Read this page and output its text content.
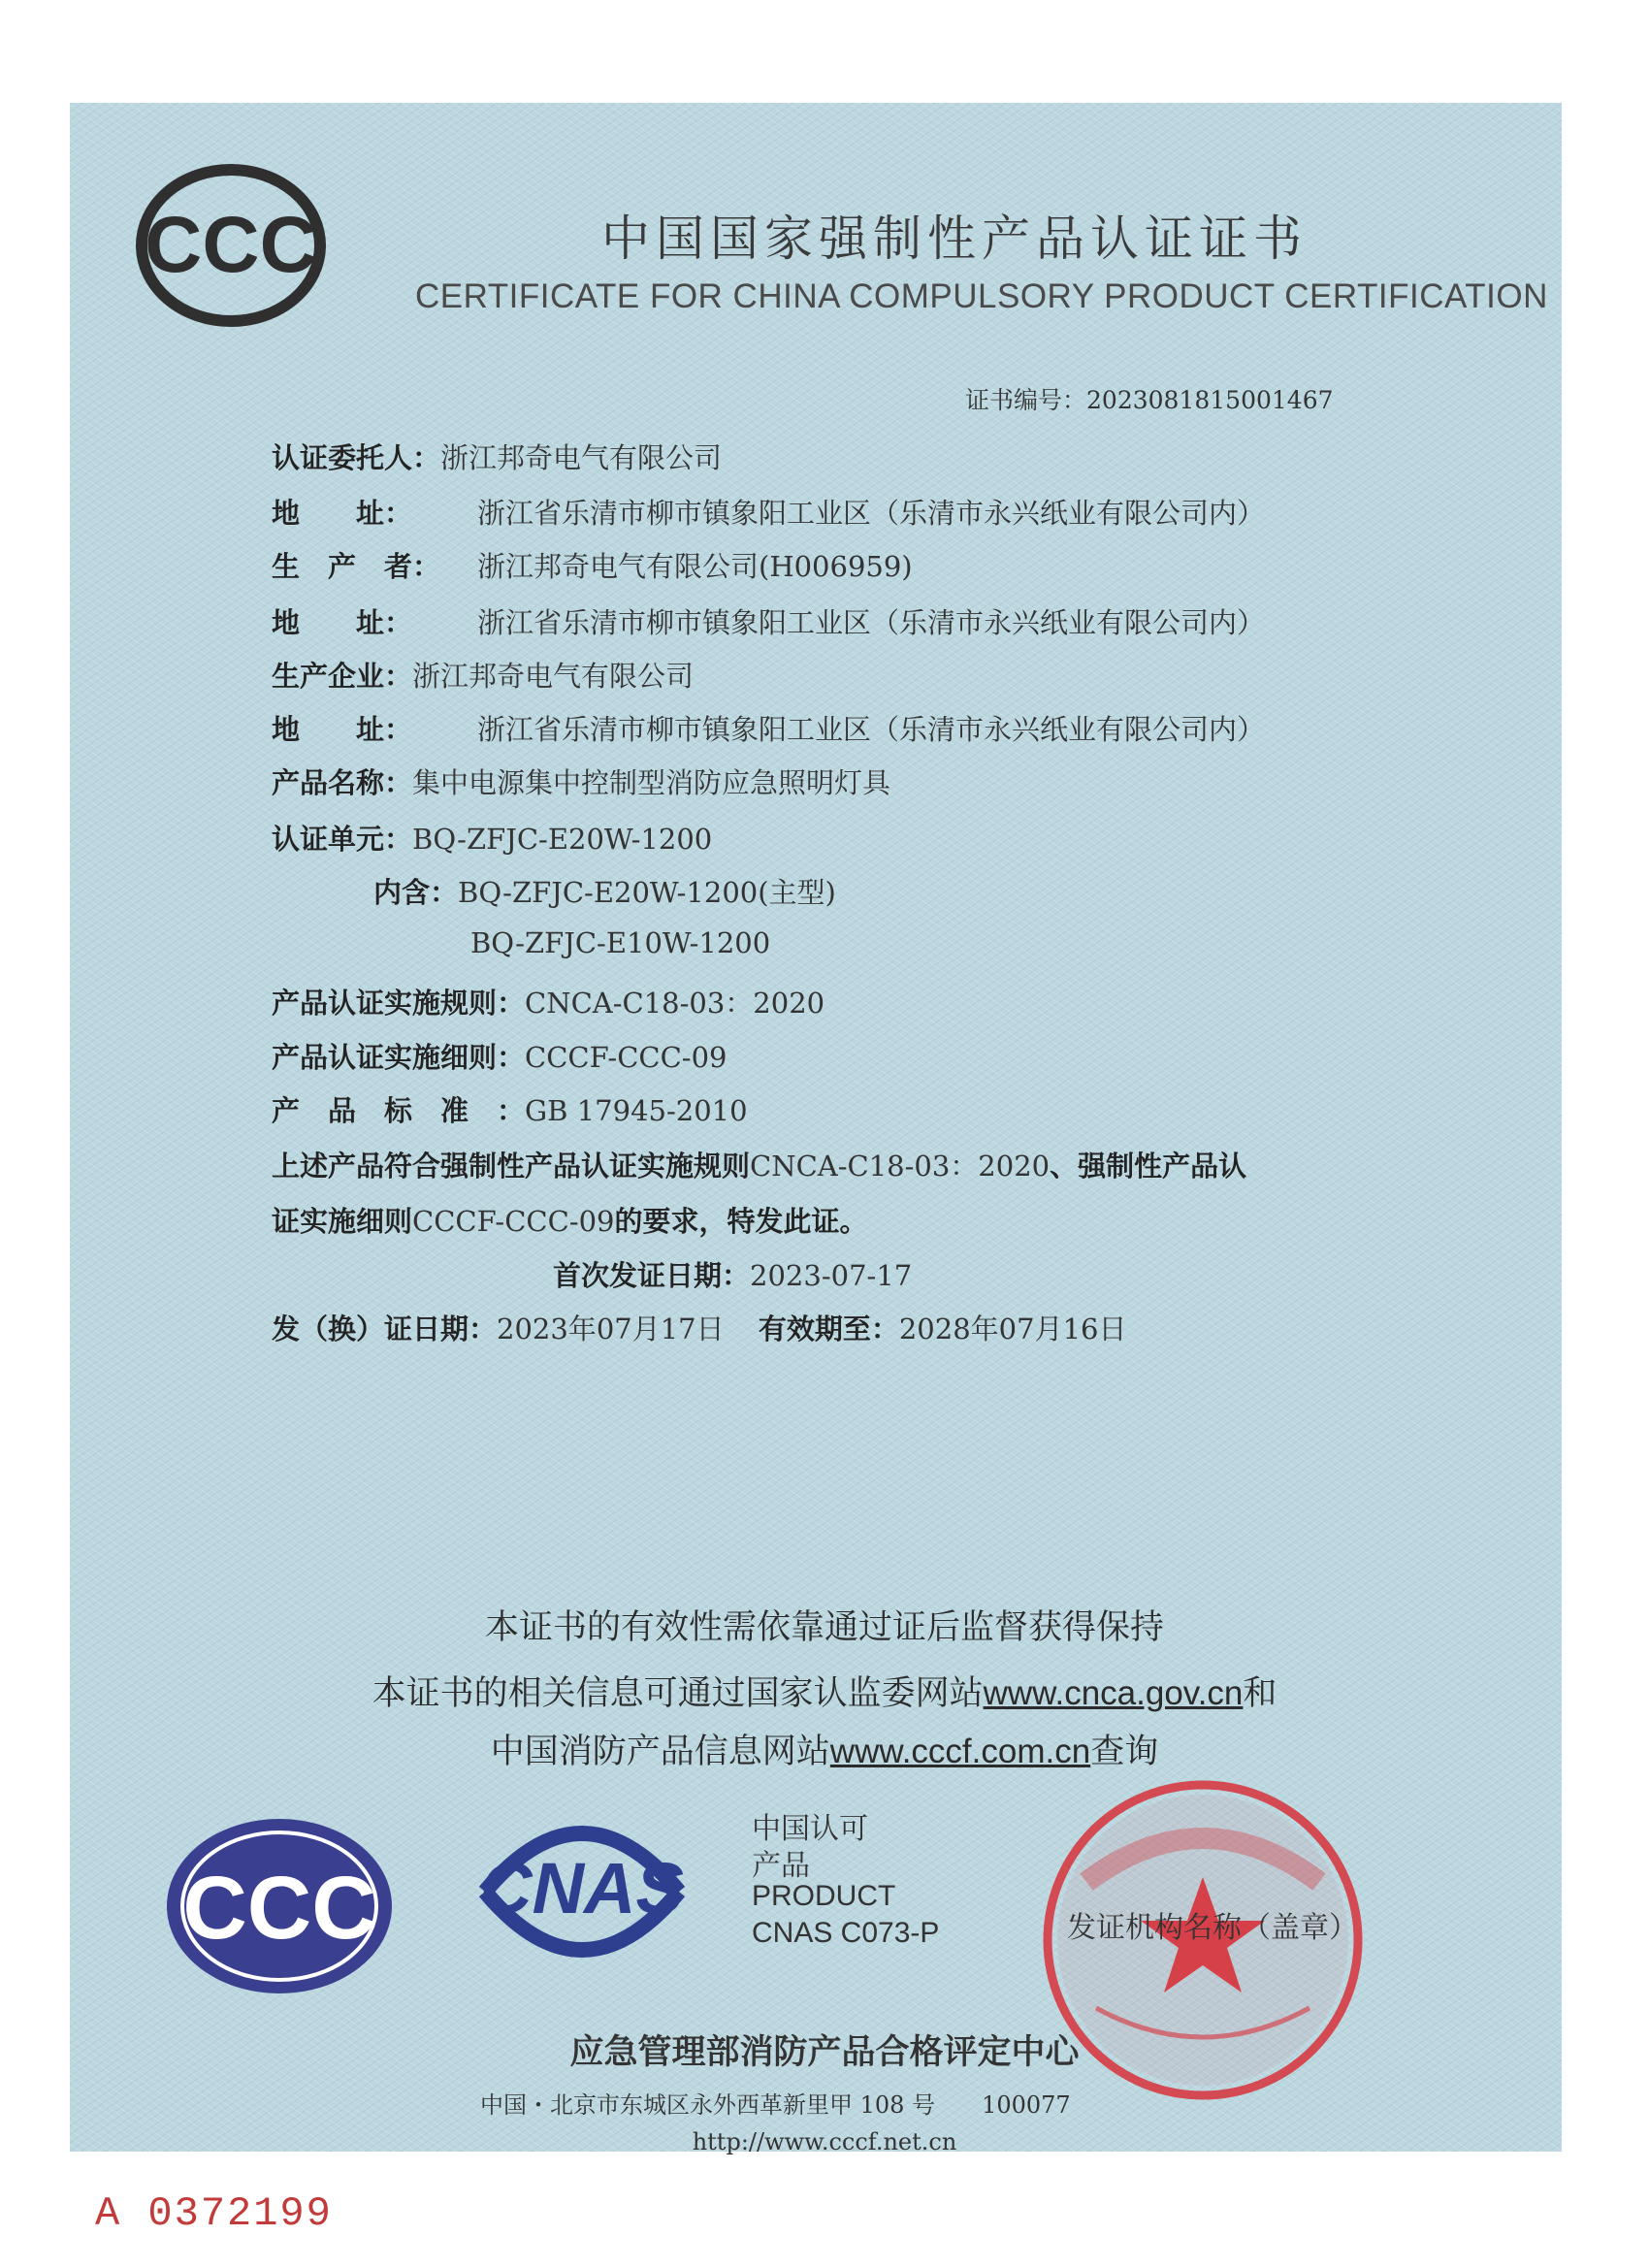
CCC	中国国家强制性产品认证证书
CERTIFICATE FOR CHINA COMPULSORY PRODUCT CERTIFICATION
证书编号：2023081815001467
认证委托人：浙江邦奇电气有限公司
地　　址： 浙江省乐清市柳市镇象阳工业区（乐清市永兴纸业有限公司内）
生　产　者： 浙江邦奇电气有限公司(H006959)
地　　址： 浙江省乐清市柳市镇象阳工业区（乐清市永兴纸业有限公司内）
生产企业：浙江邦奇电气有限公司
地　　址： 浙江省乐清市柳市镇象阳工业区（乐清市永兴纸业有限公司内）
产品名称：集中电源集中控制型消防应急照明灯具
认证单元：BQ-ZFJC-E20W-1200
内含：BQ-ZFJC-E20W-1200(主型)
BQ-ZFJC-E10W-1200
产品认证实施规则：CNCA-C18-03：2020
产品认证实施细则：CCCF-CCC-09
产　品　标　准　：GB 17945-2010
上述产品符合强制性产品认证实施规则CNCA-C18-03：2020、强制性产品认
证实施细则CCCF-CCC-09的要求，特发此证。
首次发证日期：2023-07-17
发（换）证日期：2023年07月17日 有效期至：2028年07月16日
本证书的有效性需依靠通过证后监督获得保持
本证书的相关信息可通过国家认监委网站www.cnca.gov.cn和
中国消防产品信息网站www.cccf.com.cn查询
CCC CNAS
中国认可
产品
PRODUCT
CNAS C073-P	发证机构名称（盖章）
应急管理部消防产品合格评定中心
中国・北京市东城区永外西革新里甲 108 号　　100077
http://www.cccf.net.cn
A 0372199
